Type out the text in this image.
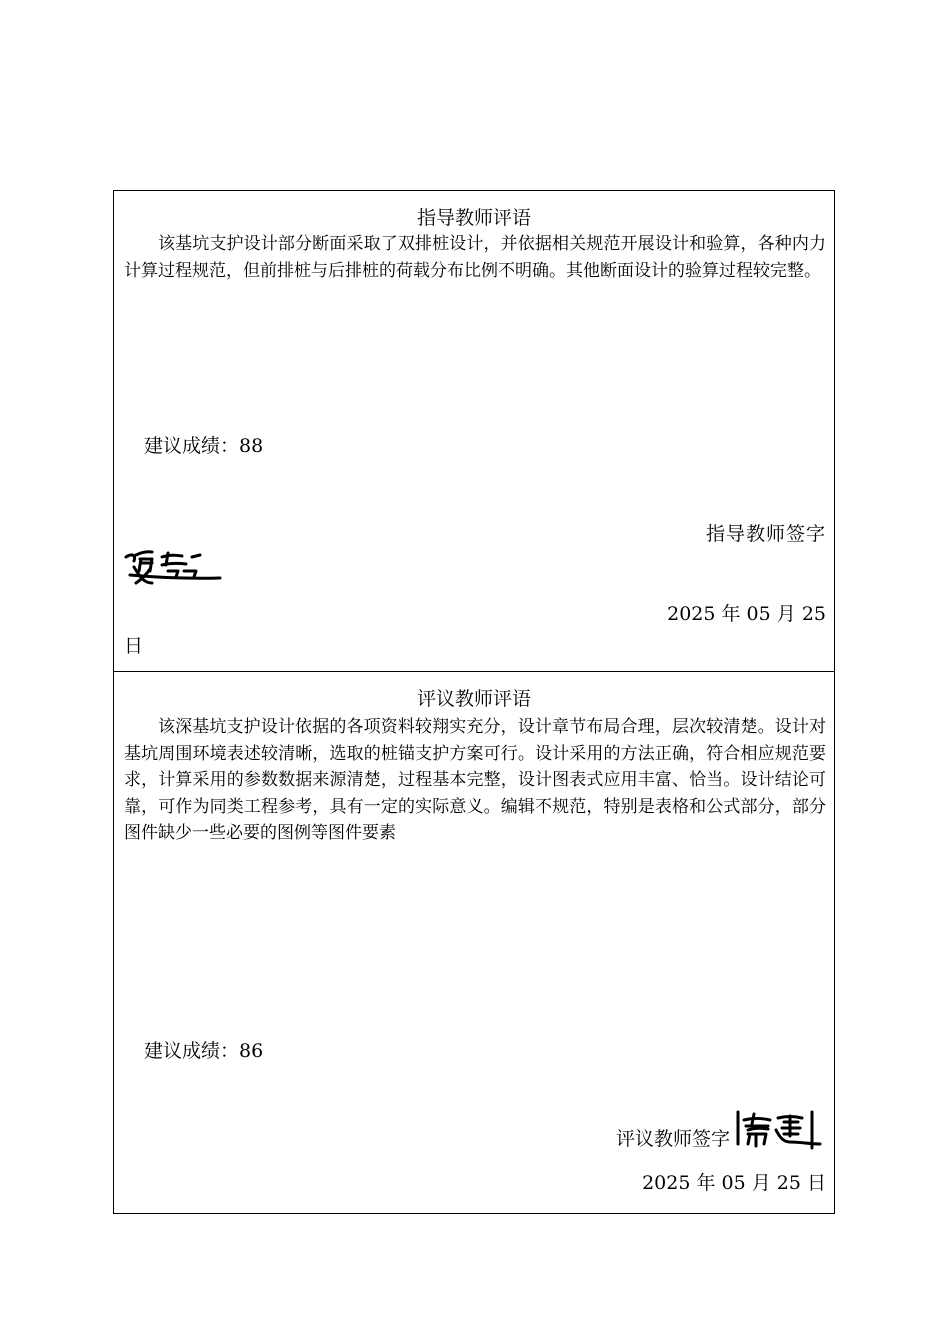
指导教师评语

该基坑支护设计部分断面采取了双排桩设计，并依据相关规范开展设计和验算，各种内力计算过程规范，但前排桩与后排桩的荷载分布比例不明确。其他断面设计的验算过程较完整。

建议成绩：88
指导教师签字
2025 年 05 月 25
日
评议教师评语

该深基坑支护设计依据的各项资料较翔实充分，设计章节布局合理，层次较清楚。设计对基坑周围环境表述较清晰，选取的桩锚支护方案可行。设计采用的方法正确，符合相应规范要求，计算采用的参数数据来源清楚，过程基本完整，设计图表式应用丰富、恰当。设计结论可靠，可作为同类工程参考，具有一定的实际意义。编辑不规范，特别是表格和公式部分，部分图件缺少一些必要的图例等图件要素

建议成绩：86
评议教师签字
2025 年 05 月 25 日
